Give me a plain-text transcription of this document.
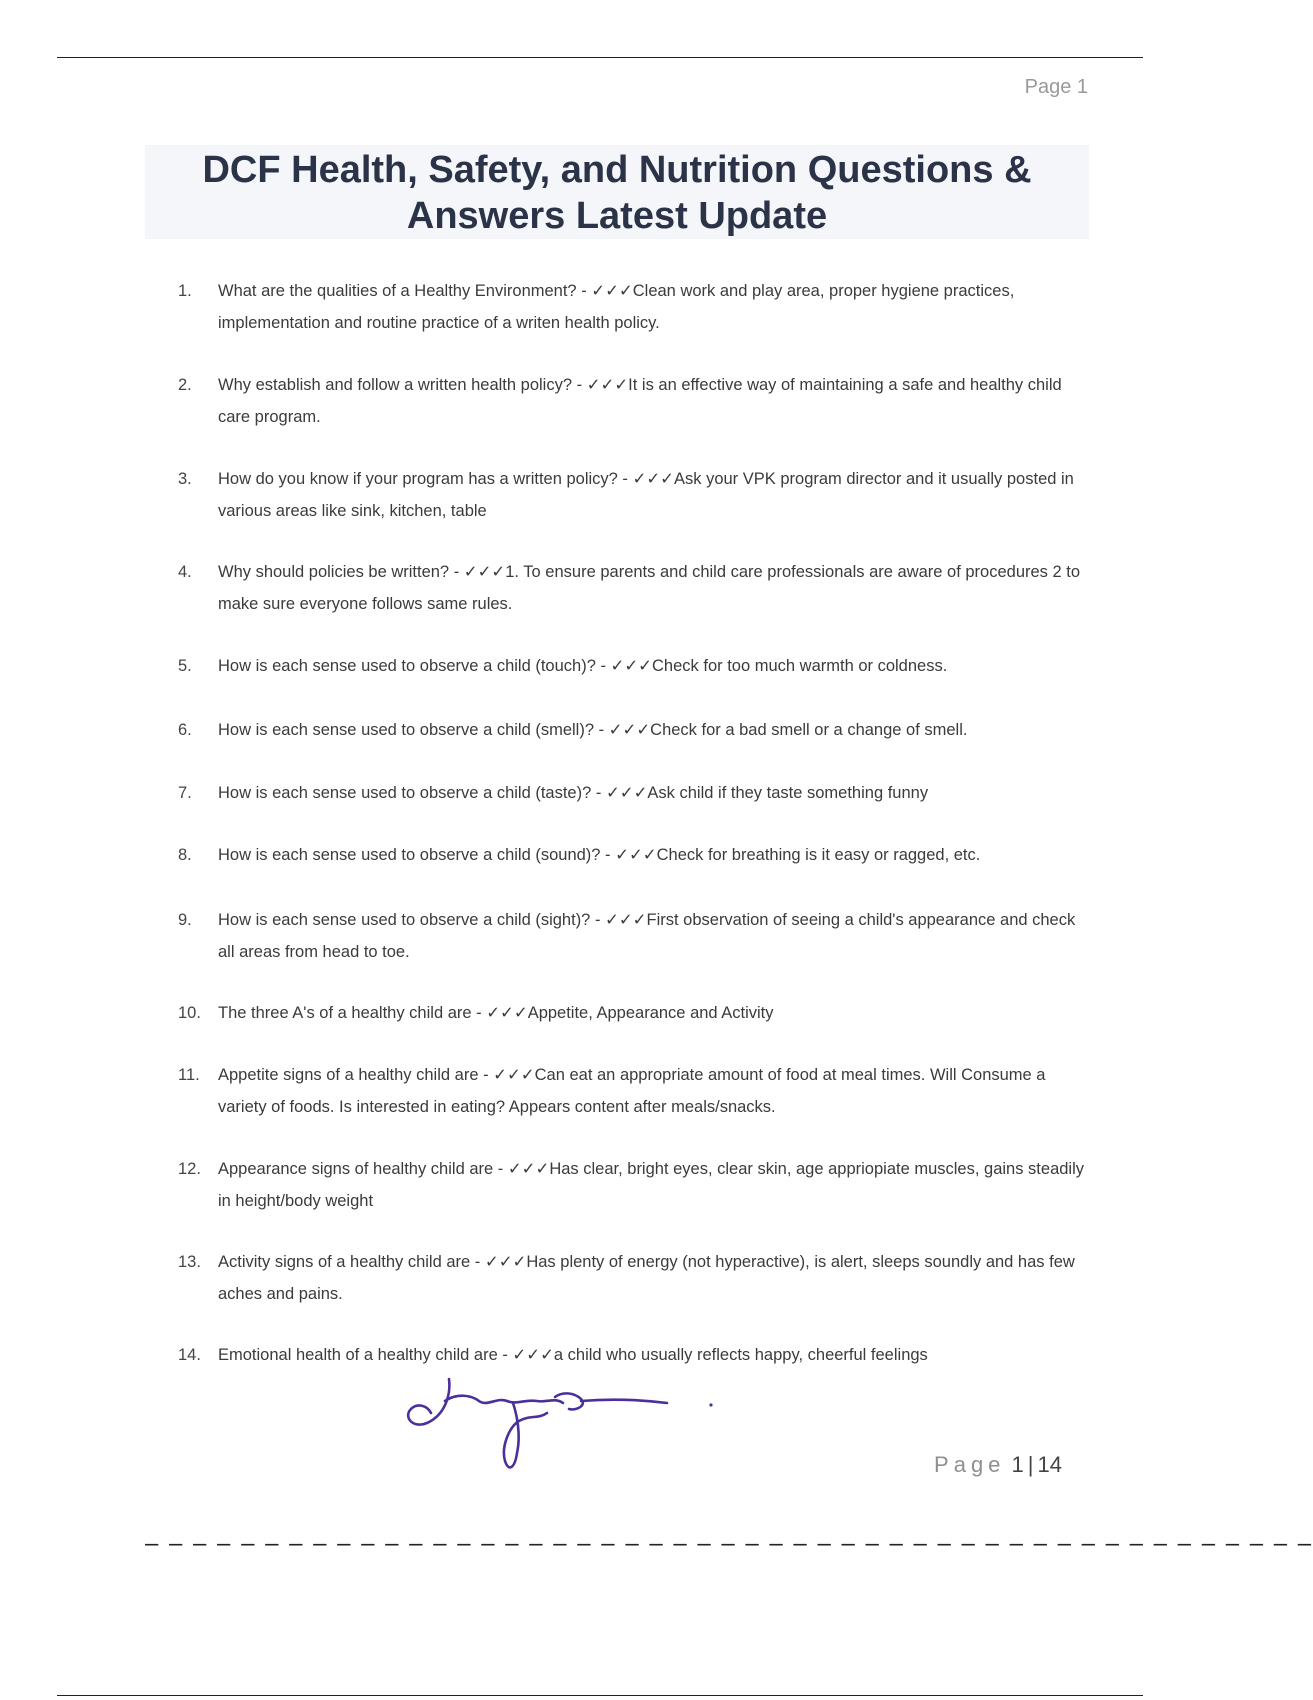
Page 1
DCF Health, Safety, and Nutrition Questions &
Answers Latest Update
1.	What are the qualities of a Healthy Environment? - ✓✓✓Clean work and play area, proper hygiene practices, implementation and routine practice of a writen health policy.
2.	Why establish and follow a written health policy? - ✓✓✓It is an effective way of maintaining a safe and healthy child care program.
3.	How do you know if your program has a written policy? - ✓✓✓Ask your VPK program director and it usually posted in various areas like sink, kitchen, table
4.	Why should policies be written? - ✓✓✓1. To ensure parents and child care professionals are aware of procedures 2 to make sure everyone follows same rules.
5.	How is each sense used to observe a child (touch)? - ✓✓✓Check for too much warmth or coldness.
6.	How is each sense used to observe a child (smell)? - ✓✓✓Check for a bad smell or a change of smell.
7.	How is each sense used to observe a child (taste)? - ✓✓✓Ask child if they taste something funny
8.	How is each sense used to observe a child (sound)? - ✓✓✓Check for breathing is it easy or ragged, etc.
9.	How is each sense used to observe a child (sight)? - ✓✓✓First observation of seeing a child's appearance and check all areas from head to toe.
10.	The three A's of a healthy child are - ✓✓✓Appetite, Appearance and Activity
11.	Appetite signs of a healthy child are - ✓✓✓Can eat an appropriate amount of food at meal times. Will Consume a variety of foods. Is interested in eating? Appears content after meals/snacks.
12.	Appearance signs of healthy child are - ✓✓✓Has clear, bright eyes, clear skin, age appriopiate muscles, gains steadily in height/body weight
13.	Activity signs of a healthy child are - ✓✓✓Has plenty of energy (not hyperactive), is alert, sleeps soundly and has few aches and pains.
14.	Emotional health of a healthy child are - ✓✓✓a child who usually reflects happy, cheerful feelings
Page 1 | 14
– – – – – – – – – – – – – – – – – – – – – – – – – – – – – – – – – – – – – – – – – – – – – – – – –
